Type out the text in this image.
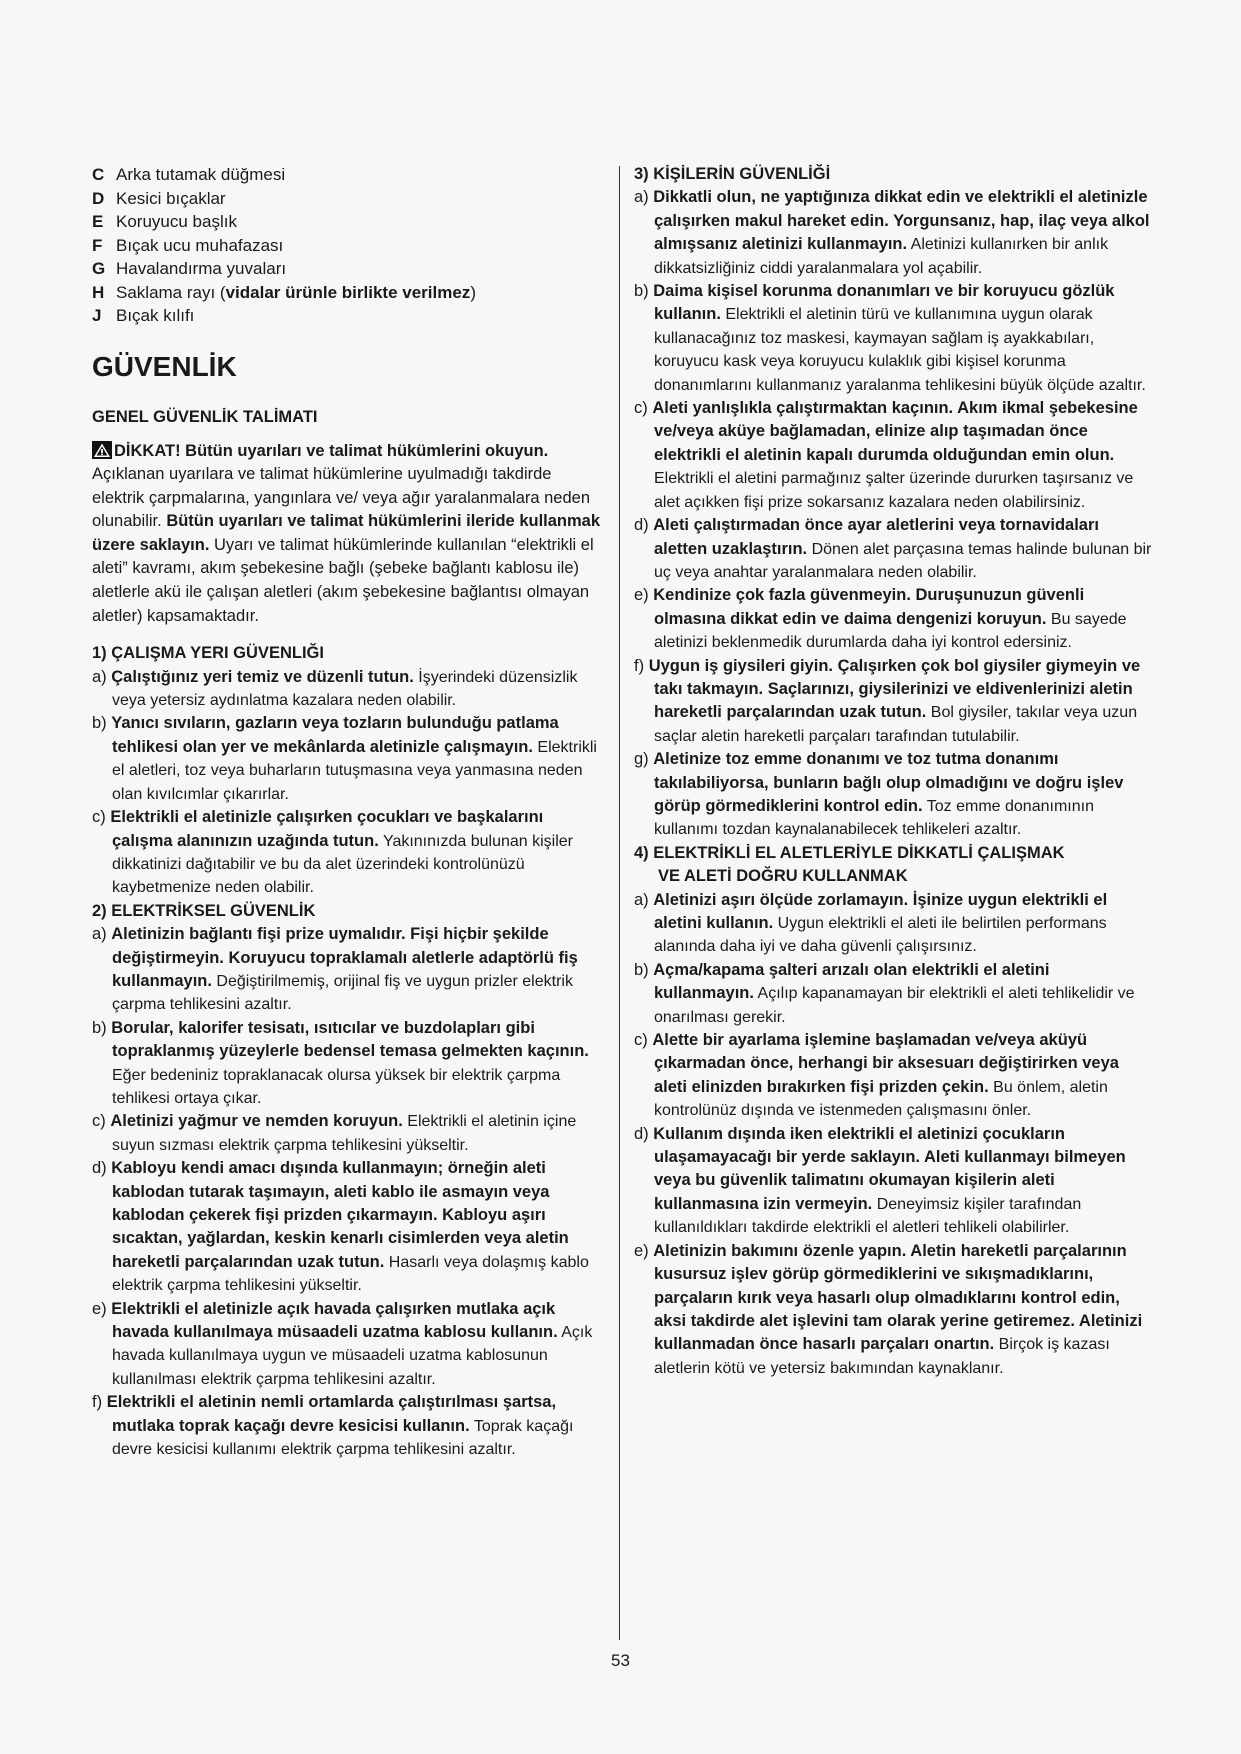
C Arka tutamak düğmesi
D Kesici bıçaklar
E Koruyucu başlık
F Bıçak ucu muhafazası
G Havalandırma yuvaları
H Saklama rayı (vidalar ürünle birlikte verilmez)
J Bıçak kılıfı
GÜVENLİK
GENEL GÜVENLİK TALİMATI

DİKKAT! Bütün uyarıları ve talimat hükümlerini okuyun. Açıklanan uyarılara ve talimat hükümlerine uyulmadığı takdirde elektrik çarpmalarına, yangınlara ve/ veya ağır yaralanmalara neden olunabilir. Bütün uyarıları ve talimat hükümlerini ileride kullanmak üzere saklayın. Uyarı ve talimat hükümlerinde kullanılan “elektrikli el aleti” kavramı, akım şebekesine bağlı (şebeke bağlantı kablosu ile) aletlerle akü ile çalışan aletleri (akım şebekesine bağlantısı olmayan aletler) kapsamaktadır.

1) ÇALIŞMA YERI GÜVENLIĞI

a) Çalıştığınız yeri temiz ve düzenli tutun. İşyerindeki düzensizlik veya yetersiz aydınlatma kazalara neden olabilir.

b) Yanıcı sıvıların, gazların veya tozların bulunduğu patlama tehlikesi olan yer ve mekânlarda aletinizle çalışmayın. Elektrikli el aletleri, toz veya buharların tutuşmasına veya yanmasına neden olan kıvılcımlar çıkarırlar.

c) Elektrikli el aletinizle çalışırken çocukları ve başkalarını çalışma alanınızın uzağında tutun. Yakınınızda bulunan kişiler dikkatinizi dağıtabilir ve bu da alet üzerindeki kontrolünüzü kaybetmenize neden olabilir.

2) ELEKTRİKSEL GÜVENLİK

a) Aletinizin bağlantı fişi prize uymalıdır. Fişi hiçbir şekilde değiştirmeyin. Koruyucu topraklamalı aletlerle adaptörlü fiş kullanmayın. Değiştirilmemiş, orijinal fiş ve uygun prizler elektrik çarpma tehlikesini azaltır.

b) Borular, kalorifer tesisatı, ısıtıcılar ve buzdolapları gibi topraklanmış yüzeylerle bedensel temasa gelmekten kaçının. Eğer bedeniniz topraklanacak olursa yüksek bir elektrik çarpma tehlikesi ortaya çıkar.

c) Aletinizi yağmur ve nemden koruyun. Elektrikli el aletinin içine suyun sızması elektrik çarpma tehlikesini yükseltir.

d) Kabloyu kendi amacı dışında kullanmayın; örneğin aleti kablodan tutarak taşımayın, aleti kablo ile asmayın veya kablodan çekerek fişi prizden çıkarmayın. Kabloyu aşırı sıcaktan, yağlardan, keskin kenarlı cisimlerden veya aletin hareketli parçalarından uzak tutun. Hasarlı veya dolaşmış kablo elektrik çarpma tehlikesini yükseltir.

e) Elektrikli el aletinizle açık havada çalışırken mutlaka açık havada kullanılmaya müsaadeli uzatma kablosu kullanın. Açık havada kullanılmaya uygun ve müsaadeli uzatma kablosunun kullanılması elektrik çarpma tehlikesini azaltır.

f) Elektrikli el aletinin nemli ortamlarda çalıştırılması şartsa, mutlaka toprak kaçağı devre kesicisi kullanın. Toprak kaçağı devre kesicisi kullanımı elektrik çarpma tehlikesini azaltır.

3) KİŞİLERİN GÜVENLİĞİ

a) Dikkatli olun, ne yaptığınıza dikkat edin ve elektrikli el aletinizle çalışırken makul hareket edin. Yorgunsanız, hap, ilaç veya alkol almışsanız aletinizi kullanmayın. Aletinizi kullanırken bir anlık dikkatsizliğiniz ciddi yaralanmalara yol açabilir.

b) Daima kişisel korunma donanımları ve bir koruyucu gözlük kullanın. Elektrikli el aletinin türü ve kullanımına uygun olarak kullanacağınız toz maskesi, kaymayan sağlam iş ayakkabıları, koruyucu kask veya koruyucu kulaklık gibi kişisel korunma donanımlarını kullanmanız yaralanma tehlikesini büyük ölçüde azaltır.

c) Aleti yanlışlıkla çalıştırmaktan kaçının. Akım ikmal şebekesine ve/veya aküye bağlamadan, elinize alıp taşımadan önce elektrikli el aletinin kapalı durumda olduğundan emin olun. Elektrikli el aletini parmağınız şalter üzerinde dururken taşırsanız ve alet açıkken fişi prize sokarsanız kazalara neden olabilirsiniz.

d) Aleti çalıştırmadan önce ayar aletlerini veya tornavidaları aletten uzaklaştırın. Dönen alet parçasına temas halinde bulunan bir uç veya anahtar yaralanmalara neden olabilir.

e) Kendinize çok fazla güvenmeyin. Duruşunuzun güvenli olmasına dikkat edin ve daima dengenizi koruyun. Bu sayede aletinizi beklenmedik durumlarda daha iyi kontrol edersiniz.

f) Uygun iş giysileri giyin. Çalışırken çok bol giysiler giymeyin ve takı takmayın. Saçlarınızı, giysilerinizi ve eldivenlerinizi aletin hareketli parçalarından uzak tutun. Bol giysiler, takılar veya uzun saçlar aletin hareketli parçaları tarafından tutulabilir.

g) Aletinize toz emme donanımı ve toz tutma donanımı takılabiliyorsa, bunların bağlı olup olmadığını ve doğru işlev görüp görmediklerini kontrol edin. Toz emme donanımının kullanımı tozdan kaynalanabilecek tehlikeleri azaltır.

4) ELEKTRİKLİ EL ALETLERİYLE DİKKATLİ ÇALIŞMAK
VE ALETİ DOĞRU KULLANMAK

a) Aletinizi aşırı ölçüde zorlamayın. İşinize uygun elektrikli el aletini kullanın. Uygun elektrikli el aleti ile belirtilen performans alanında daha iyi ve daha güvenli çalışırsınız.

b) Açma/kapama şalteri arızalı olan elektrikli el aletini kullanmayın. Açılıp kapanamayan bir elektrikli el aleti tehlikelidir ve onarılması gerekir.

c) Alette bir ayarlama işlemine başlamadan ve/veya aküyü çıkarmadan önce, herhangi bir aksesuarı değiştirirken veya aleti elinizden bırakırken fişi prizden çekin. Bu önlem, aletin kontrolünüz dışında ve istenmeden çalışmasını önler.

d) Kullanım dışında iken elektrikli el aletinizi çocukların ulaşamayacağı bir yerde saklayın. Aleti kullanmayı bilmeyen veya bu güvenlik talimatını okumayan kişilerin aleti kullanmasına izin vermeyin. Deneyimsiz kişiler tarafından kullanıldıkları takdirde elektrikli el aletleri tehlikeli olabilirler.

e) Aletinizin bakımını özenle yapın. Aletin hareketli parçalarının kusursuz işlev görüp görmediklerini ve sıkışmadıklarını, parçaların kırık veya hasarlı olup olmadıklarını kontrol edin, aksi takdirde alet işlevini tam olarak yerine getiremez. Aletinizi kullanmadan önce hasarlı parçaları onartın. Birçok iş kazası aletlerin kötü ve yetersiz bakımından kaynaklanır.

53
